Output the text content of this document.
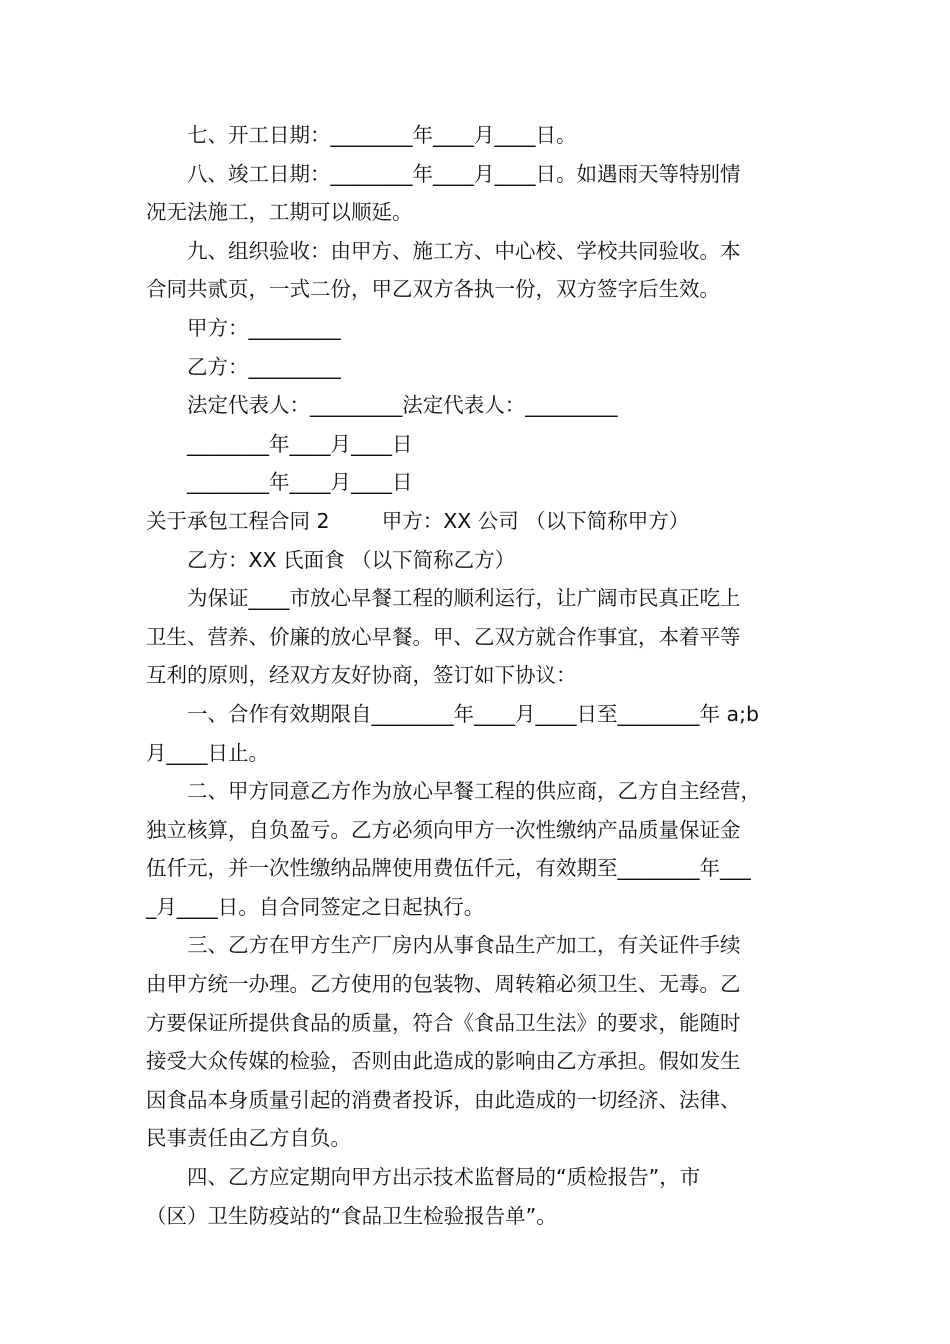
七、开工日期：________年____月____日。

八、竣工日期：________年____月____日。如遇雨天等特别情

况无法施工，工期可以顺延。

九、组织验收：由甲方、施工方、中心校、学校共同验收。本

合同共贰页，一式二份，甲乙双方各执一份，双方签字后生效。

甲方：_________

乙方：_________

法定代表人：_________法定代表人：_________

________年____月____日

________年____月____日

关于承包工程合同 2        甲方：XX 公司 （以下简称甲方）

乙方：XX 氏面食 （以下简称乙方）

为保证____市放心早餐工程的顺利运行，让广阔市民真正吃上

卫生、营养、价廉的放心早餐。甲、乙双方就合作事宜，本着平等

互利的原则，经双方友好协商，签订如下协议：

一、合作有效期限自________年____月____日至________年 a;b

月____日止。

二、甲方同意乙方作为放心早餐工程的供应商，乙方自主经营，

独立核算，自负盈亏。乙方必须向甲方一次性缴纳产品质量保证金

伍仟元，并一次性缴纳品牌使用费伍仟元，有效期至________年___

_月____日。自合同签定之日起执行。

三、乙方在甲方生产厂房内从事食品生产加工，有关证件手续

由甲方统一办理。乙方使用的包装物、周转箱必须卫生、无毒。乙

方要保证所提供食品的质量，符合《食品卫生法》的要求，能随时

接受大众传媒的检验，否则由此造成的影响由乙方承担。假如发生

因食品本身质量引起的消费者投诉，由此造成的一切经济、法律、

民事责任由乙方自负。

四、乙方应定期向甲方出示技术监督局的“质检报告”，市

（区）卫生防疫站的“食品卫生检验报告单”。
